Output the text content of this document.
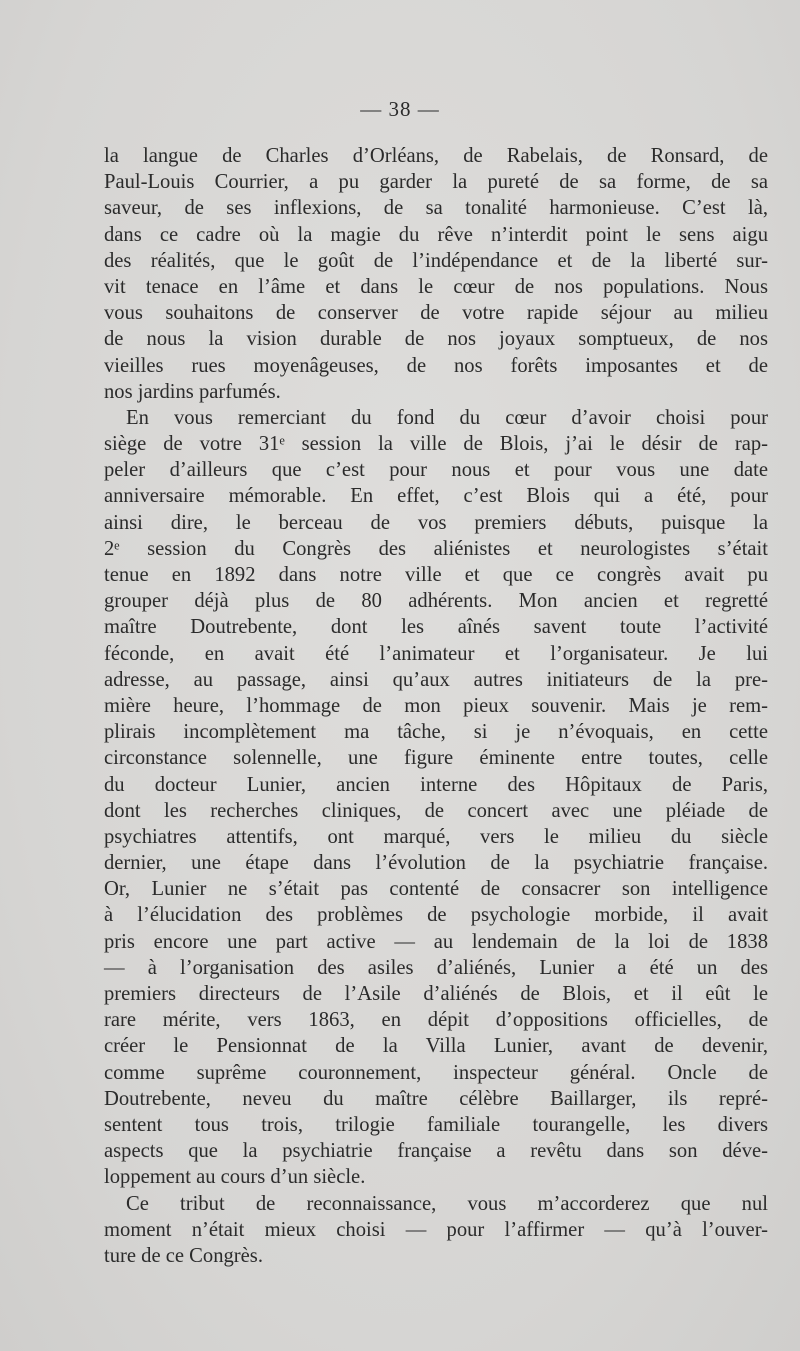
— 38 —
la langue de Charles d’Orléans, de Rabelais, de Ronsard, de
Paul-Louis Courrier, a pu garder la pureté de sa forme, de sa
saveur, de ses inflexions, de sa tonalité harmonieuse. C’est là,
dans ce cadre où la magie du rêve n’interdit point le sens aigu
des réalités, que le goût de l’indépendance et de la liberté sur-
vit tenace en l’âme et dans le cœur de nos populations. Nous
vous souhaitons de conserver de votre rapide séjour au milieu
de nous la vision durable de nos joyaux somptueux, de nos
vieilles rues moyenâgeuses, de nos forêts imposantes et de
nos jardins parfumés.
En vous remerciant du fond du cœur d’avoir choisi pour
siège de votre 31ᵉ session la ville de Blois, j’ai le désir de rap-
peler d’ailleurs que c’est pour nous et pour vous une date
anniversaire mémorable. En effet, c’est Blois qui a été, pour
ainsi dire, le berceau de vos premiers débuts, puisque la
2ᵉ session du Congrès des aliénistes et neurologistes s’était
tenue en 1892 dans notre ville et que ce congrès avait pu
grouper déjà plus de 80 adhérents. Mon ancien et regretté
maître Doutrebente, dont les aînés savent toute l’activité
féconde, en avait été l’animateur et l’organisateur. Je lui
adresse, au passage, ainsi qu’aux autres initiateurs de la pre-
mière heure, l’hommage de mon pieux souvenir. Mais je rem-
plirais incomplètement ma tâche, si je n’évoquais, en cette
circonstance solennelle, une figure éminente entre toutes, celle
du docteur Lunier, ancien interne des Hôpitaux de Paris,
dont les recherches cliniques, de concert avec une pléiade de
psychiatres attentifs, ont marqué, vers le milieu du siècle
dernier, une étape dans l’évolution de la psychiatrie française.
Or, Lunier ne s’était pas contenté de consacrer son intelligence
à l’élucidation des problèmes de psychologie morbide, il avait
pris encore une part active — au lendemain de la loi de 1838
— à l’organisation des asiles d’aliénés, Lunier a été un des
premiers directeurs de l’Asile d’aliénés de Blois, et il eût le
rare mérite, vers 1863, en dépit d’oppositions officielles, de
créer le Pensionnat de la Villa Lunier, avant de devenir,
comme suprême couronnement, inspecteur général. Oncle de
Doutrebente, neveu du maître célèbre Baillarger, ils repré-
sentent tous trois, trilogie familiale tourangelle, les divers
aspects que la psychiatrie française a revêtu dans son déve-
loppement au cours d’un siècle.
Ce tribut de reconnaissance, vous m’accorderez que nul
moment n’était mieux choisi — pour l’affirmer — qu’à l’ouver-
ture de ce Congrès.
